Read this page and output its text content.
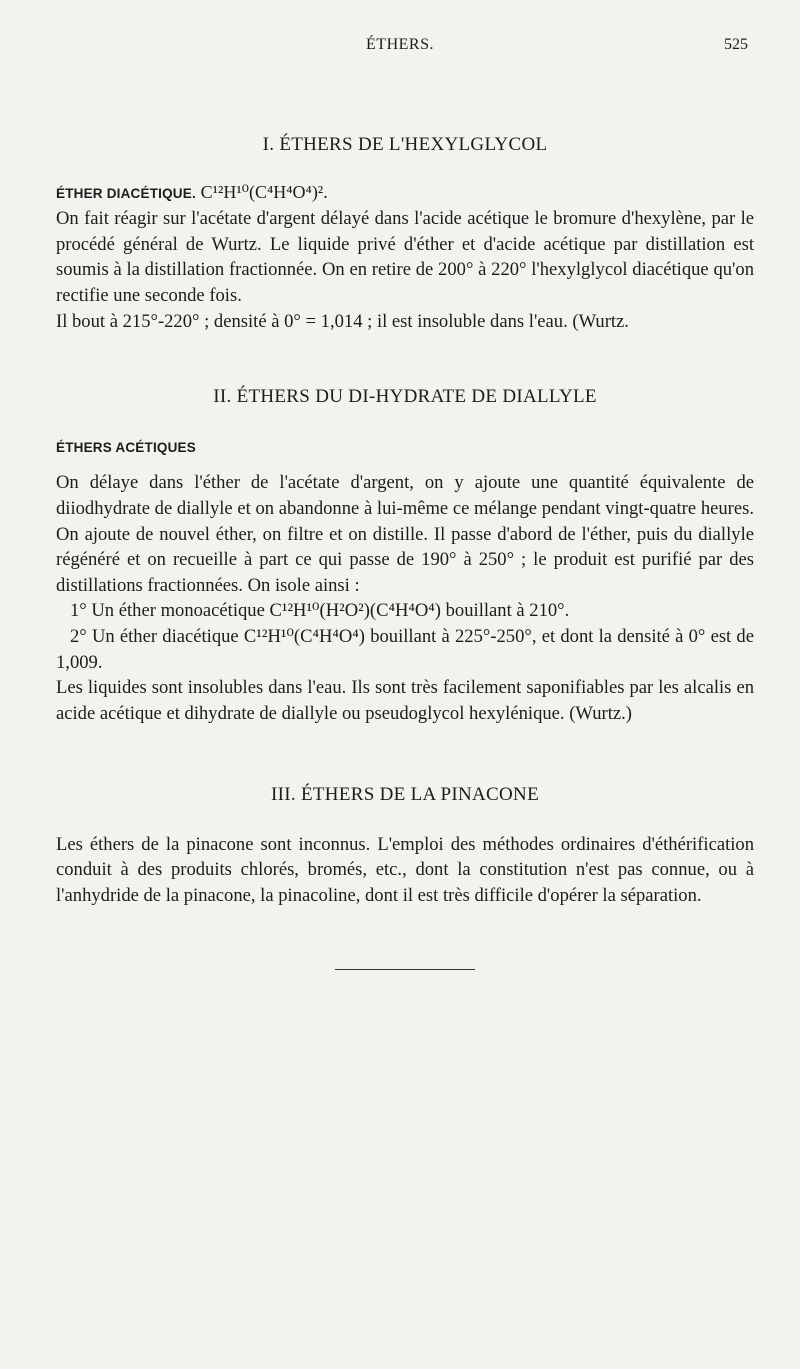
ÉTHERS.	525
I. ÉTHERS DE L'HEXYLGLYCOL

ÉTHER DIACÉTIQUE. C¹²H¹⁰(C⁴H⁴O⁴)².

On fait réagir sur l'acétate d'argent délayé dans l'acide acétique le bromure d'hexylène, par le procédé général de Wurtz. Le liquide privé d'éther et d'acide acétique par distillation est soumis à la distillation fractionnée. On en retire de 200° à 220° l'hexylglycol diacétique qu'on rectifie une seconde fois.

Il bout à 215°-220° ; densité à 0° = 1,014 ; il est insoluble dans l'eau. (Wurtz.

II. ÉTHERS DU DI-HYDRATE DE DIALLYLE

ÉTHERS ACÉTIQUES

On délaye dans l'éther de l'acétate d'argent, on y ajoute une quantité équivalente de diiodhydrate de diallyle et on abandonne à lui-même ce mélange pendant vingt-quatre heures. On ajoute de nouvel éther, on filtre et on distille. Il passe d'abord de l'éther, puis du diallyle régénéré et on recueille à part ce qui passe de 190° à 250° ; le produit est purifié par des distillations fractionnées. On isole ainsi :

1° Un éther monoacétique C¹²H¹⁰(H²O²)(C⁴H⁴O⁴) bouillant à 210°.

2° Un éther diacétique C¹²H¹⁰(C⁴H⁴O⁴) bouillant à 225°-250°, et dont la densité à 0° est de 1,009.

Les liquides sont insolubles dans l'eau. Ils sont très facilement saponifiables par les alcalis en acide acétique et dihydrate de diallyle ou pseudoglycol hexylénique. (Wurtz.)

III. ÉTHERS DE LA PINACONE

Les éthers de la pinacone sont inconnus. L'emploi des méthodes ordinaires d'éthérification conduit à des produits chlorés, bromés, etc., dont la constitution n'est pas connue, ou à l'anhydride de la pinacone, la pinacoline, dont il est très difficile d'opérer la séparation.
